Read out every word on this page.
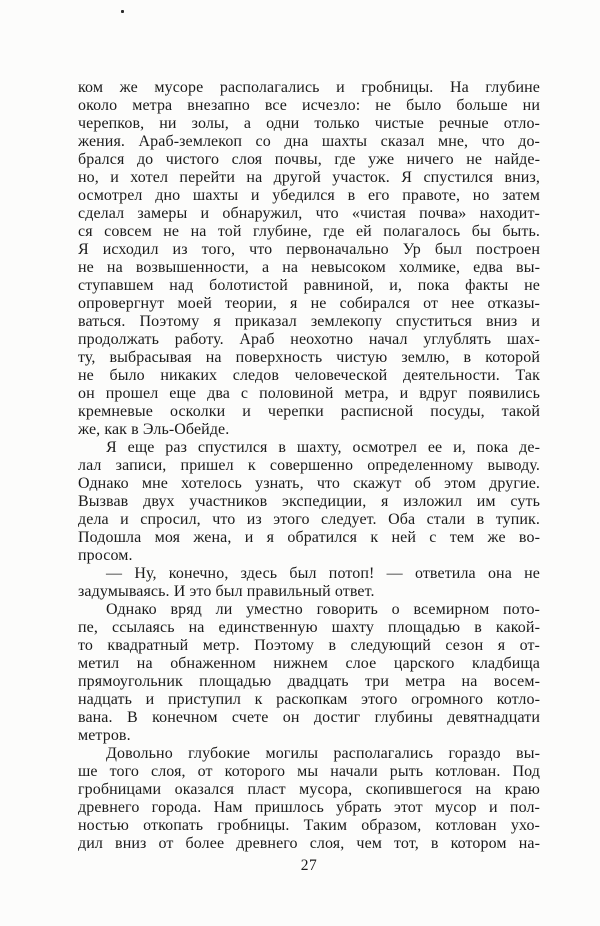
ком же мусоре располагались и гробницы. На глубине
около метра внезапно все исчезло: не было больше ни
черепков, ни золы, а одни только чистые речные отло-
жения. Араб-землекоп со дна шахты сказал мне, что до-
брался до чистого слоя почвы, где уже ничего не найде-
но, и хотел перейти на другой участок. Я спустился вниз,
осмотрел дно шахты и убедился в его правоте, но затем
сделал замеры и обнаружил, что «чистая почва» находит-
ся совсем не на той глубине, где ей полагалось бы быть.
Я исходил из того, что первоначально Ур был построен
не на возвышенности, а на невысоком холмике, едва вы-
ступавшем над болотистой равниной, и, пока факты не
опровергнут моей теории, я не собирался от нее отказы-
ваться. Поэтому я приказал землекопу спуститься вниз и
продолжать работу. Араб неохотно начал углублять шах-
ту, выбрасывая на поверхность чистую землю, в которой
не было никаких следов человеческой деятельности. Так
он прошел еще два с половиной метра, и вдруг появились
кремневые осколки и черепки расписной посуды, такой
же, как в Эль-Обейде.
Я еще раз спустился в шахту, осмотрел ее и, пока де-
лал записи, пришел к совершенно определенному выводу.
Однако мне хотелось узнать, что скажут об этом другие.
Вызвав двух участников экспедиции, я изложил им суть
дела и спросил, что из этого следует. Оба стали в тупик.
Подошла моя жена, и я обратился к ней с тем же во-
просом.
— Ну, конечно, здесь был потоп! — ответила она не
задумываясь. И это был правильный ответ.
Однако вряд ли уместно говорить о всемирном пото-
пе, ссылаясь на единственную шахту площадью в какой-
то квадратный метр. Поэтому в следующий сезон я от-
метил на обнаженном нижнем слое царского кладбища
прямоугольник площадью двадцать три метра на восем-
надцать и приступил к раскопкам этого огромного котло-
вана. В конечном счете он достиг глубины девятнадцати
метров.
Довольно глубокие могилы располагались гораздо вы-
ше того слоя, от которого мы начали рыть котлован. Под
гробницами оказался пласт мусора, скопившегося на краю
древнего города. Нам пришлось убрать этот мусор и пол-
ностью откопать гробницы. Таким образом, котлован ухо-
дил вниз от более древнего слоя, чем тот, в котором на-
27
